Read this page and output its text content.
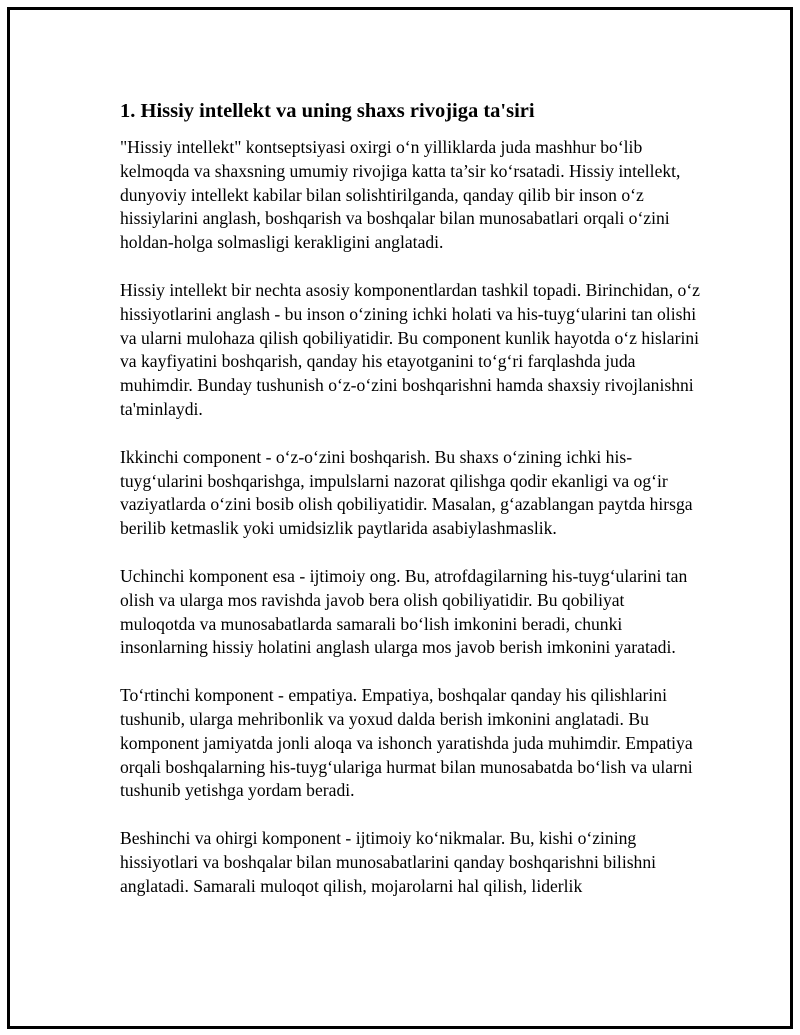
1. Hissiy intellekt va uning shaxs rivojiga ta'siri

"Hissiy intellekt" kontseptsiyasi oxirgi o‘n yilliklarda juda mashhur bo‘lib kelmoqda va shaxsning umumiy rivojiga katta ta’sir ko‘rsatadi. Hissiy intellekt, dunyoviy intellekt kabilar bilan solishtirilganda, qanday qilib bir inson o‘z hissiylarini anglash, boshqarish va boshqalar bilan munosabatlari orqali o‘zini holdan-holga solmasligi kerakligini anglatadi.

Hissiy intellekt bir nechta asosiy komponentlardan tashkil topadi. Birinchidan, o‘z hissiyotlarini anglash - bu inson o‘zining ichki holati va his-tuyg‘ularini tan olishi va ularni mulohaza qilish qobiliyatidir. Bu component kunlik hayotda o‘z hislarini va kayfiyatini boshqarish, qanday his etayotganini to‘g‘ri farqlashda juda muhimdir. Bunday tushunish o‘z-o‘zini boshqarishni hamda shaxsiy rivojlanishni ta'minlaydi.

Ikkinchi component - o‘z-o‘zini boshqarish. Bu shaxs o‘zining ichki his-tuyg‘ularini boshqarishga, impulslarni nazorat qilishga qodir ekanligi va og‘ir vaziyatlarda o‘zini bosib olish qobiliyatidir. Masalan, g‘azablangan paytda hirsga berilib ketmaslik yoki umidsizlik paytlarida asabiylashmaslik.

Uchinchi komponent esa - ijtimoiy ong. Bu, atrofdagilarning his-tuyg‘ularini tan olish va ularga mos ravishda javob bera olish qobiliyatidir. Bu qobiliyat muloqotda va munosabatlarda samarali bo‘lish imkonini beradi, chunki insonlarning hissiy holatini anglash ularga mos javob berish imkonini yaratadi.

To‘rtinchi komponent - empatiya. Empatiya, boshqalar qanday his qilishlarini tushunib, ularga mehribonlik va yoxud dalda berish imkonini anglatadi. Bu komponent jamiyatda jonli aloqa va ishonch yaratishda juda muhimdir. Empatiya orqali boshqalarning his-tuyg‘ulariga hurmat bilan munosabatda bo‘lish va ularni tushunib yetishga yordam beradi.

Beshinchi va ohirgi komponent - ijtimoiy ko‘nikmalar. Bu, kishi o‘zining hissiyotlari va boshqalar bilan munosabatlarini qanday boshqarishni bilishni anglatadi. Samarali muloqot qilish, mojarolarni hal qilish, liderlik
